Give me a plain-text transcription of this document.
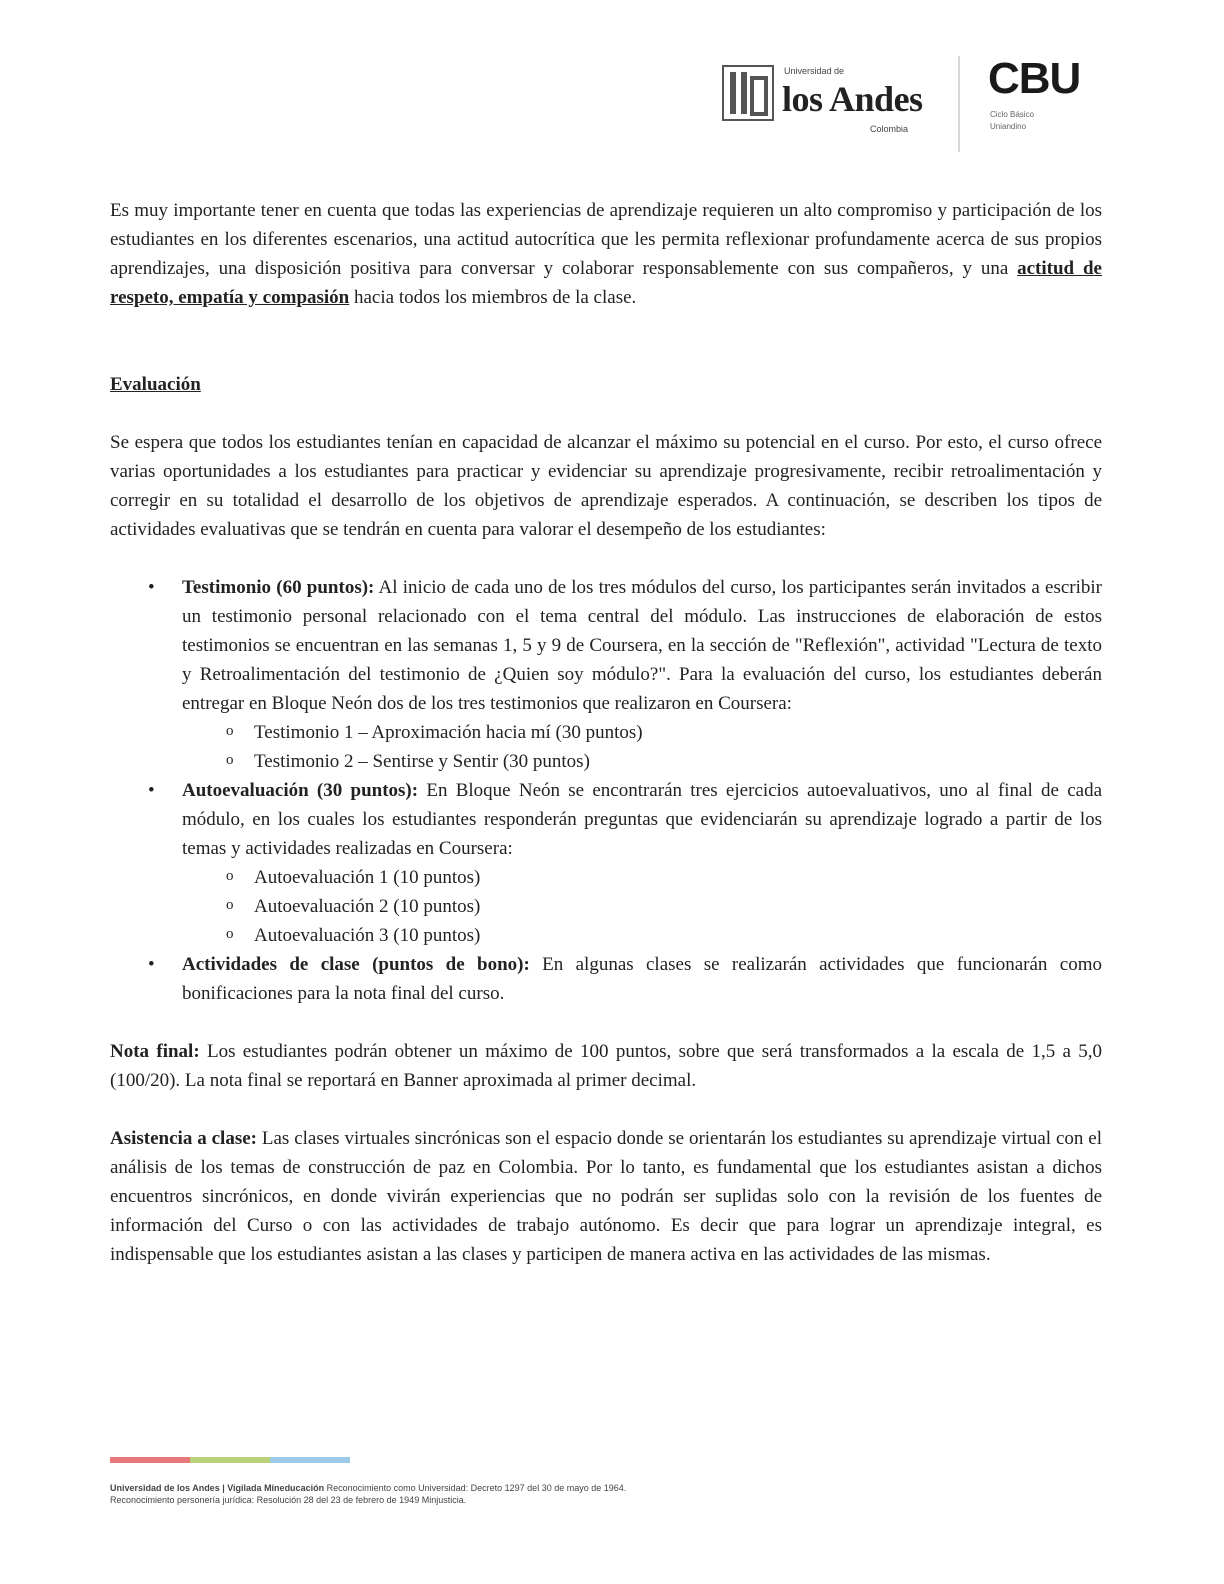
Universidad de
los Andes
Colombia
CBU
Ciclo Básico
Uniandino

Es muy importante tener en cuenta que todas las experiencias de aprendizaje requieren un alto compromiso y participación de los estudiantes en los diferentes escenarios, una actitud autocrítica que les permita reflexionar profundamente acerca de sus propios aprendizajes, una disposición positiva para conversar y colaborar responsablemente con sus compañeros, y una actitud de respeto, empatía y compasión hacia todos los miembros de la clase.

Evaluación

Se espera que todos los estudiantes tenían en capacidad de alcanzar el máximo su potencial en el curso. Por esto, el curso ofrece varias oportunidades a los estudiantes para practicar y evidenciar su aprendizaje progresivamente, recibir retroalimentación y corregir en su totalidad el desarrollo de los objetivos de aprendizaje esperados. A continuación, se describen los tipos de actividades evaluativas que se tendrán en cuenta para valorar el desempeño de los estudiantes:

• Testimonio (60 puntos): Al inicio de cada uno de los tres módulos del curso, los participantes serán invitados a escribir un testimonio personal relacionado con el tema central del módulo. Las instrucciones de elaboración de estos testimonios se encuentran en las semanas 1, 5 y 9 de Coursera, en la sección de "Reflexión", actividad "Lectura de texto y Retroalimentación del testimonio de ¿Quien soy módulo?". Para la evaluación del curso, los estudiantes deberán entregar en Bloque Neón dos de los tres testimonios que realizaron en Coursera:
o Testimonio 1 – Aproximación hacia mí (30 puntos)
o Testimonio 2 – Sentirse y Sentir (30 puntos)
• Autoevaluación (30 puntos): En Bloque Neón se encontrarán tres ejercicios autoevaluativos, uno al final de cada módulo, en los cuales los estudiantes responderán preguntas que evidenciarán su aprendizaje logrado a partir de los temas y actividades realizadas en Coursera:
o Autoevaluación 1 (10 puntos)
o Autoevaluación 2 (10 puntos)
o Autoevaluación 3 (10 puntos)
• Actividades de clase (puntos de bono): En algunas clases se realizarán actividades que funcionarán como bonificaciones para la nota final del curso.

Nota final: Los estudiantes podrán obtener un máximo de 100 puntos, sobre que será transformados a la escala de 1,5 a 5,0 (100/20). La nota final se reportará en Banner aproximada al primer decimal.

Asistencia a clase: Las clases virtuales sincrónicas son el espacio donde se orientarán los estudiantes su aprendizaje virtual con el análisis de los temas de construcción de paz en Colombia. Por lo tanto, es fundamental que los estudiantes asistan a dichos encuentros sincrónicos, en donde vivirán experiencias que no podrán ser suplidas solo con la revisión de los fuentes de información del Curso o con las actividades de trabajo autónomo. Es decir que para lograr un aprendizaje integral, es indispensable que los estudiantes asistan a las clases y participen de manera activa en las actividades de las mismas.

Universidad de los Andes | Vigilada Mineducación Reconocimiento como Universidad: Decreto 1297 del 30 de mayo de 1964.
Reconocimiento personería jurídica: Resolución 28 del 23 de febrero de 1949 Minjusticia.
